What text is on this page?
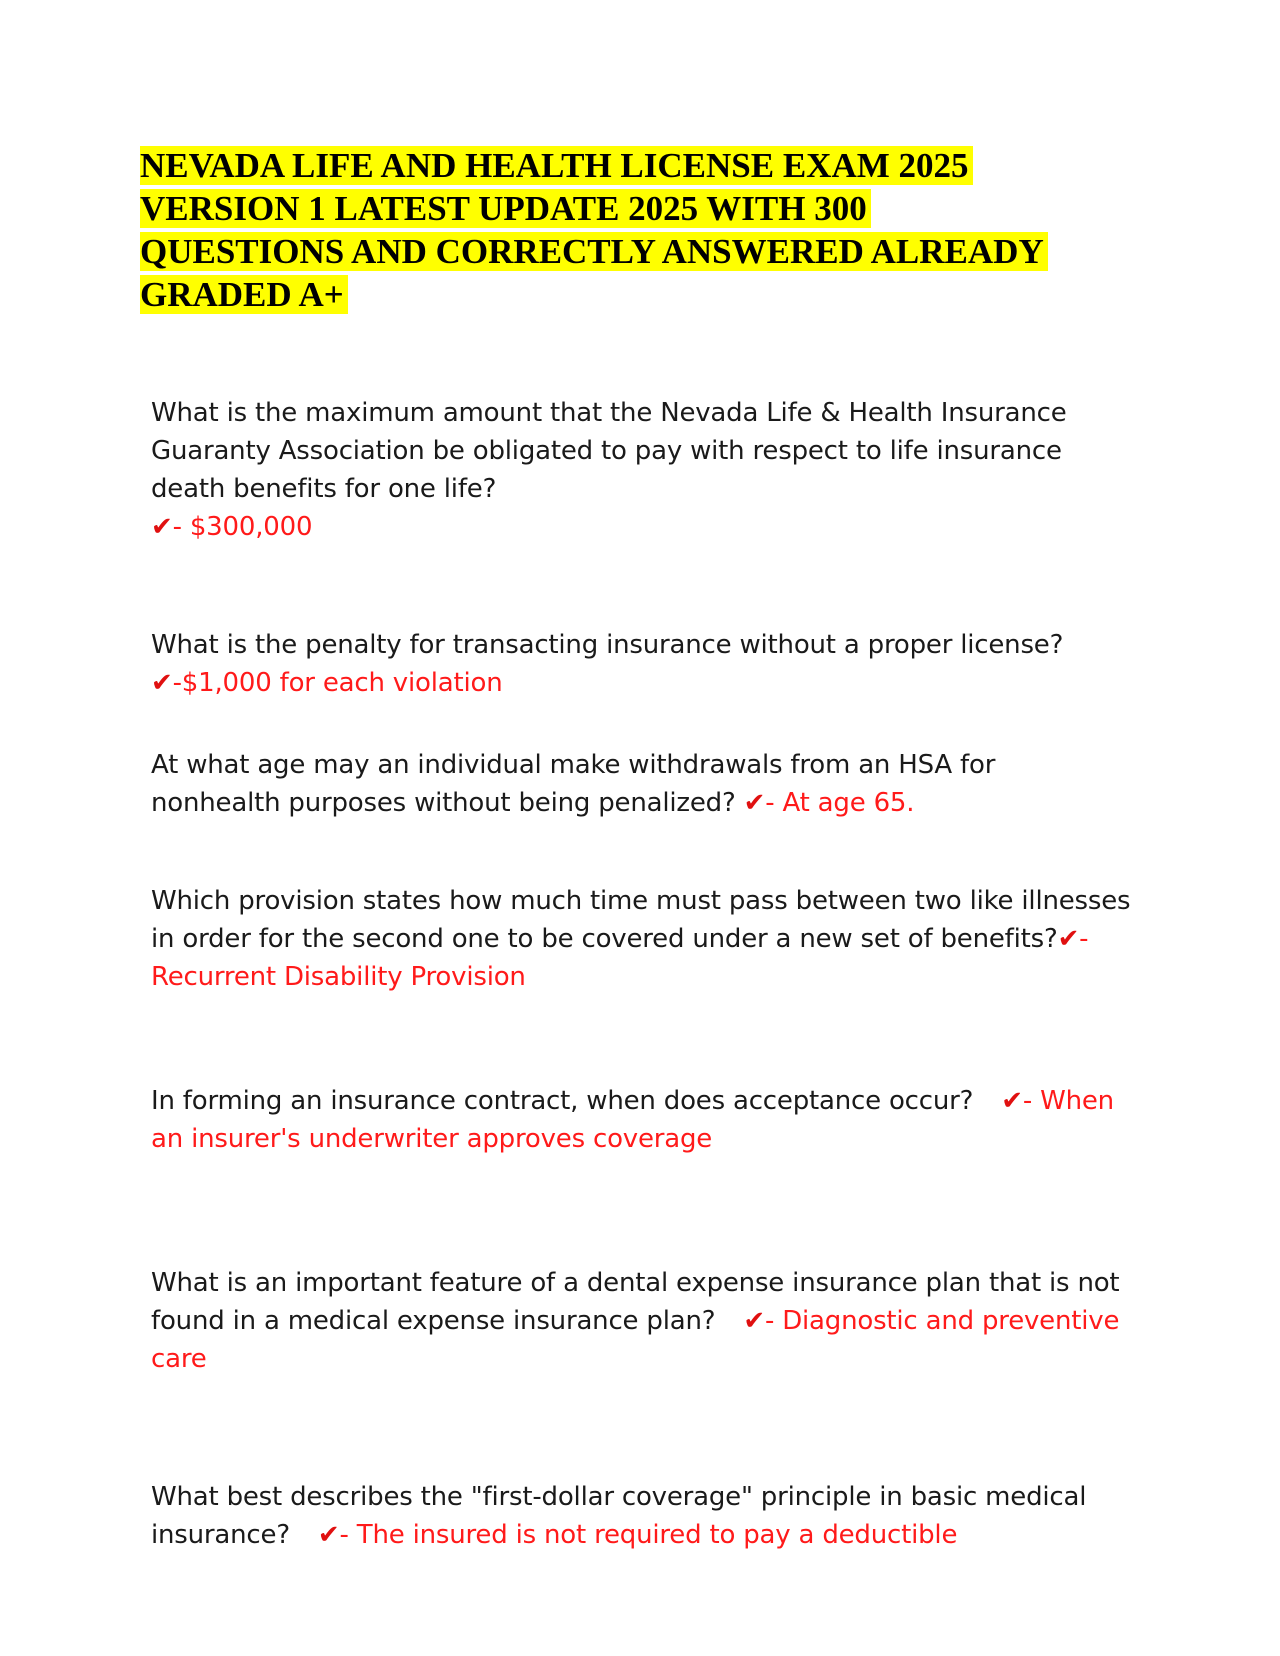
NEVADA LIFE AND HEALTH LICENSE EXAM 2025
VERSION 1 LATEST UPDATE 2025 WITH 300
QUESTIONS AND CORRECTLY ANSWERED ALREADY
GRADED A+

What is the maximum amount that the Nevada Life & Health Insurance Guaranty Association be obligated to pay with respect to life insurance death benefits for one life?
✔- $300,000

What is the penalty for transacting insurance without a proper license?
✔-$1,000 for each violation

At what age may an individual make withdrawals from an HSA for nonhealth purposes without being penalized? ✔- At age 65.

Which provision states how much time must pass between two like illnesses in order for the second one to be covered under a new set of benefits?✔- Recurrent Disability Provision

In forming an insurance contract, when does acceptance occur? ✔- When an insurer's underwriter approves coverage

What is an important feature of a dental expense insurance plan that is not found in a medical expense insurance plan? ✔- Diagnostic and preventive care

What best describes the "first-dollar coverage" principle in basic medical insurance? ✔- The insured is not required to pay a deductible
